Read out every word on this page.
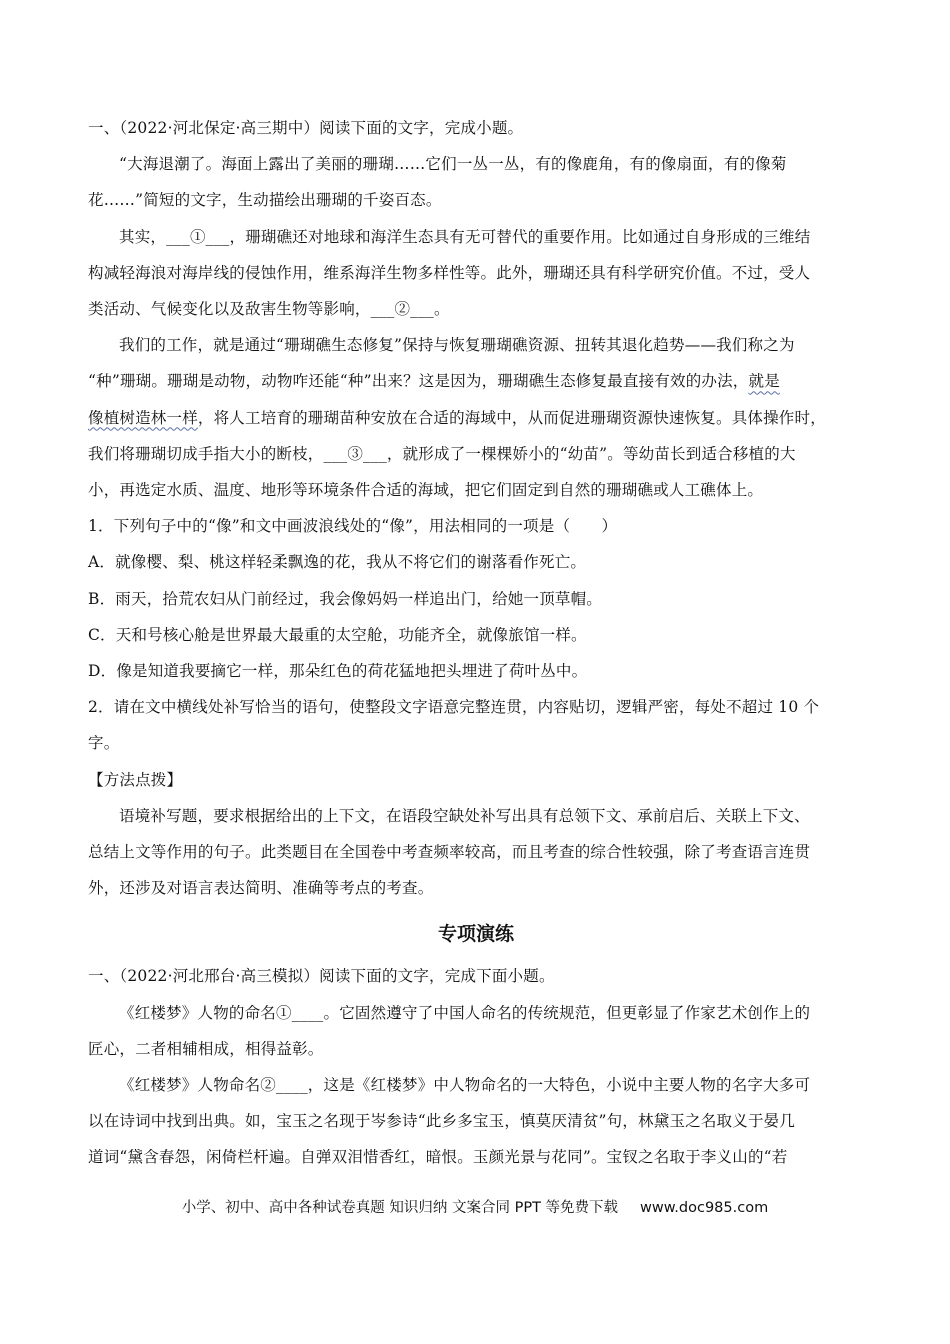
一、（2022·河北保定·高三期中）阅读下面的文字，完成小题。
“大海退潮了。海面上露出了美丽的珊瑚……它们一丛一丛，有的像鹿角，有的像扇面，有的像菊
花……”简短的文字，生动描绘出珊瑚的千姿百态。
其实，___①___，珊瑚礁还对地球和海洋生态具有无可替代的重要作用。比如通过自身形成的三维结
构减轻海浪对海岸线的侵蚀作用，维系海洋生物多样性等。此外，珊瑚还具有科学研究价值。不过，受人
类活动、气候变化以及敌害生物等影响，___②___。
我们的工作，就是通过“珊瑚礁生态修复”保持与恢复珊瑚礁资源、扭转其退化趋势——我们称之为
“种”珊瑚。珊瑚是动物，动物咋还能“种”出来？这是因为，珊瑚礁生态修复最直接有效的办法，就是
像植树造林一样，将人工培育的珊瑚苗种安放在合适的海域中，从而促进珊瑚资源快速恢复。具体操作时，
我们将珊瑚切成手指大小的断枝，___③___，就形成了一棵棵娇小的“幼苗”。等幼苗长到适合移植的大
小，再选定水质、温度、地形等环境条件合适的海域，把它们固定到自然的珊瑚礁或人工礁体上。
1．下列句子中的“像”和文中画波浪线处的“像”，用法相同的一项是（　　）
A．就像樱、梨、桃这样轻柔飘逸的花，我从不将它们的谢落看作死亡。
B．雨天，拾荒农妇从门前经过，我会像妈妈一样追出门，给她一顶草帽。
C．天和号核心舱是世界最大最重的太空舱，功能齐全，就像旅馆一样。
D．像是知道我要摘它一样，那朵红色的荷花猛地把头埋进了荷叶丛中。
2．请在文中横线处补写恰当的语句，使整段文字语意完整连贯，内容贴切，逻辑严密，每处不超过 10 个
字。
【方法点拨】
语境补写题，要求根据给出的上下文，在语段空缺处补写出具有总领下文、承前启后、关联上下文、
总结上文等作用的句子。此类题目在全国卷中考查频率较高，而且考查的综合性较强，除了考查语言连贯
外，还涉及对语言表达简明、准确等考点的考查。
专项演练
一、（2022·河北邢台·高三模拟）阅读下面的文字，完成下面小题。
《红楼梦》人物的命名①____。它固然遵守了中国人命名的传统规范，但更彰显了作家艺术创作上的
匠心，二者相辅相成，相得益彰。
《红楼梦》人物命名②____，这是《红楼梦》中人物命名的一大特色，小说中主要人物的名字大多可
以在诗词中找到出典。如，宝玉之名现于岑参诗“此乡多宝玉，慎莫厌清贫”句，林黛玉之名取义于晏几
道词“黛含春怨，闲倚栏杆遍。自弹双泪惜香红，暗恨。玉颜光景与花同”。宝钗之名取于李义山的“若
小学、初中、高中各种试卷真题 知识归纳 文案合同 PPT 等免费下载 www.doc985.com
